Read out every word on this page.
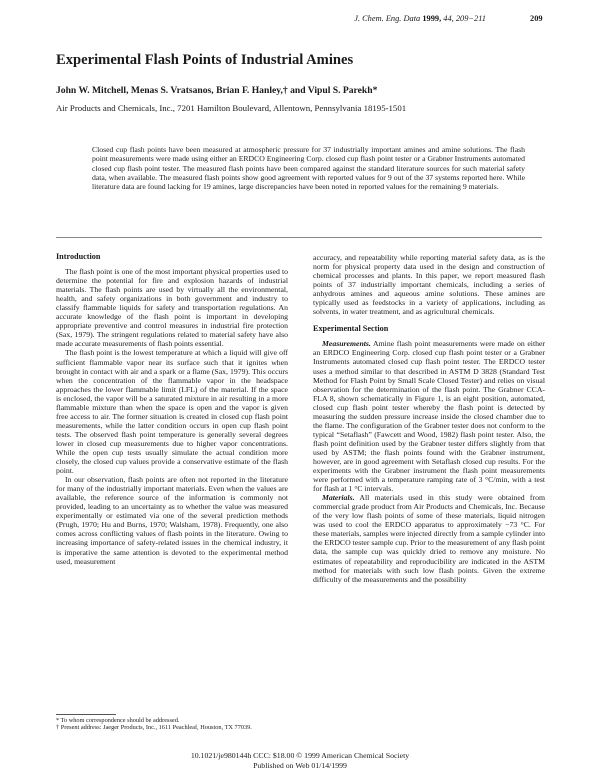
J. Chem. Eng. Data 1999, 44, 209−211	209
Experimental Flash Points of Industrial Amines
John W. Mitchell, Menas S. Vratsanos, Brian F. Hanley,† and Vipul S. Parekh*
Air Products and Chemicals, Inc., 7201 Hamilton Boulevard, Allentown, Pennsylvania 18195-1501
Closed cup flash points have been measured at atmospheric pressure for 37 industrially important amines and amine solutions. The flash point measurements were made using either an ERDCO Engineering Corp. closed cup flash point tester or a Grabner Instruments automated closed cup flash point tester. The measured flash points have been compared against the standard literature sources for such material safety data, when available. The measured flash points show good agreement with reported values for 9 out of the 37 systems reported here. While literature data are found lacking for 19 amines, large discrepancies have been noted in reported values for the remaining 9 materials.
Introduction

The flash point is one of the most important physical properties used to determine the potential for fire and explosion hazards of industrial materials. The flash points are used by virtually all the environmental, health, and safety organizations in both government and industry to classify flammable liquids for safety and transportation regulations. An accurate knowledge of the flash point is important in developing appropriate preventive and control measures in industrial fire protection (Sax, 1979). The stringent regulations related to material safety have also made accurate measurements of flash points essential.

The flash point is the lowest temperature at which a liquid will give off sufficient flammable vapor near its surface such that it ignites when brought in contact with air and a spark or a flame (Sax, 1979). This occurs when the concentration of the flammable vapor in the headspace approaches the lower flammable limit (LFL) of the material. If the space is enclosed, the vapor will be a saturated mixture in air resulting in a more flammable mixture than when the space is open and the vapor is given free access to air. The former situation is created in closed cup flash point measurements, while the latter condition occurs in open cup flash point tests. The observed flash point temperature is generally several degrees lower in closed cup measurements due to higher vapor concentrations. While the open cup tests usually simulate the actual condition more closely, the closed cup values provide a conservative estimate of the flash point.

In our observation, flash points are often not reported in the literature for many of the industrially important materials. Even when the values are available, the reference source of the information is commonly not provided, leading to an uncertainty as to whether the value was measured experimentally or estimated via one of the several prediction methods (Prugh, 1970; Hu and Burns, 1970; Walsham, 1978). Frequently, one also comes across conflicting values of flash points in the literature. Owing to increasing importance of safety-related issues in the chemical industry, it is imperative the same attention is devoted to the experimental method used, measurement

accuracy, and repeatability while reporting material safety data, as is the norm for physical property data used in the design and construction of chemical processes and plants. In this paper, we report measured flash points of 37 industrially important chemicals, including a series of anhydrous amines and aqueous amine solutions. These amines are typically used as feedstocks in a variety of applications, including as solvents, in water treatment, and as agricultural chemicals.

Experimental Section

Measurements. Amine flash point measurements were made on either an ERDCO Engineering Corp. closed cup flash point tester or a Grabner Instruments automated closed cup flash point tester. The ERDCO tester uses a method similar to that described in ASTM D 3828 (Standard Test Method for Flash Point by Small Scale Closed Tester) and relies on visual observation for the determination of the flash point. The Grabner CCA-FLA 8, shown schematically in Figure 1, is an eight position, automated, closed cup flash point tester whereby the flash point is detected by measuring the sudden pressure increase inside the closed chamber due to the flame. The configuration of the Grabner tester does not conform to the typical “Setaflash” (Fawcett and Wood, 1982) flash point tester. Also, the flash point definition used by the Grabner tester differs slightly from that used by ASTM; the flash points found with the Grabner instrument, however, are in good agreement with Setaflash closed cup results. For the experiments with the Grabner instrument the flash point measurements were performed with a temperature ramping rate of 3 °C/min, with a test for flash at 1 °C intervals.

Materials. All materials used in this study were obtained from commercial grade product from Air Products and Chemicals, Inc. Because of the very low flash points of some of these materials, liquid nitrogen was used to cool the ERDCO apparatus to approximately −73 °C. For these materials, samples were injected directly from a sample cylinder into the ERDCO tester sample cup. Prior to the measurement of any flash point data, the sample cup was quickly dried to remove any moisture. No estimates of repeatability and reproducibility are indicated in the ASTM method for materials with such low flash points. Given the extreme difficulty of the measurements and the possibility

* To whom correspondence should be addressed.
† Present address: Jaeger Products, Inc., 1611 Peachleaf, Houston, TX 77039.
10.1021/je980144h CCC: $18.00 © 1999 American Chemical Society
Published on Web 01/14/1999
